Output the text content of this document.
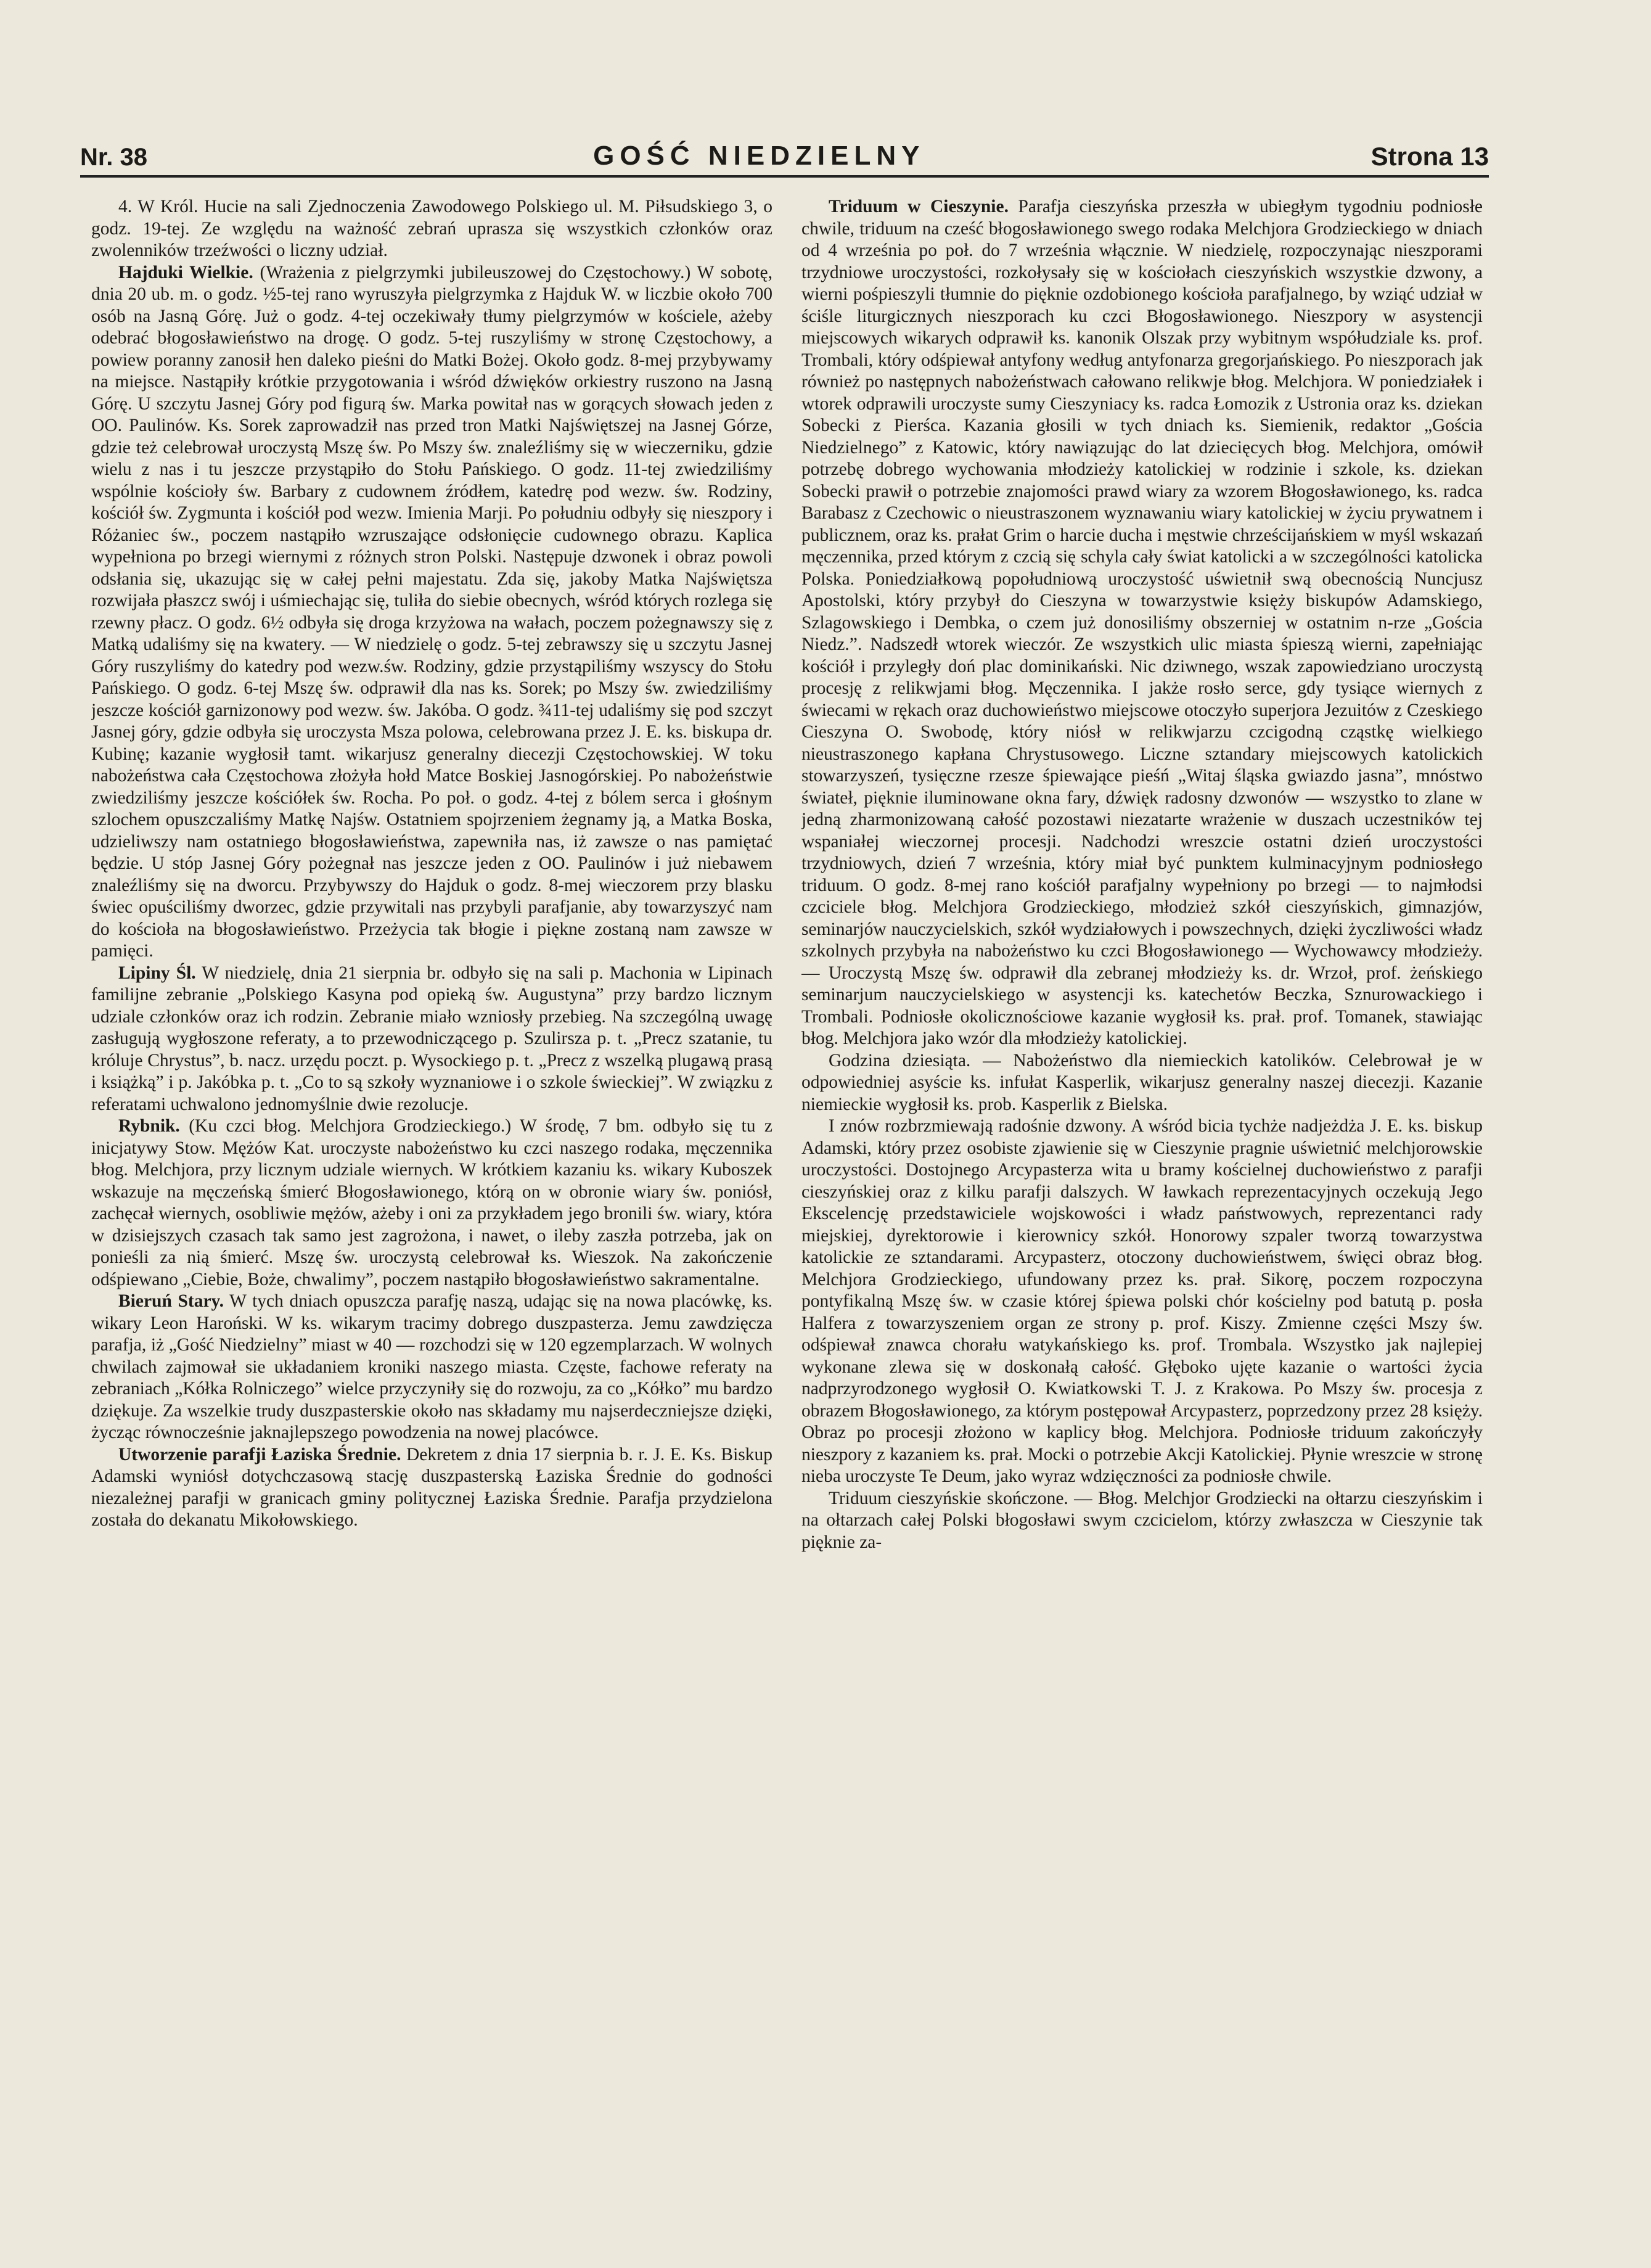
Nr. 38	GOŚĆ NIEDZIELNY	Strona 13

4. W Król. Hucie na sali Zjednoczenia Zawodowego Polskiego ul. M. Piłsudskiego 3, o godz. 19-tej. Ze względu na ważność zebrań uprasza się wszystkich członków oraz zwolenników trzeźwości o liczny udział.

Hajduki Wielkie. (Wrażenia z pielgrzymki jubileuszowej do Częstochowy.) W sobotę, dnia 20 ub. m. o godz. ½5-tej rano wyruszyła pielgrzymka z Hajduk W. w liczbie około 700 osób na Jasną Górę. Już o godz. 4-tej oczekiwały tłumy pielgrzymów w kościele, ażeby odebrać błogosławieństwo na drogę. O godz. 5-tej ruszyliśmy w stronę Częstochowy, a powiew poranny zanosił hen daleko pieśni do Matki Bożej. Około godz. 8-mej przybywamy na miejsce. Nastąpiły krótkie przygotowania i wśród dźwięków orkiestry ruszono na Jasną Górę. U szczytu Jasnej Góry pod figurą św. Marka powitał nas w gorących słowach jeden z OO. Paulinów. Ks. Sorek zaprowadził nas przed tron Matki Najświętszej na Jasnej Górze, gdzie też celebrował uroczystą Mszę św. Po Mszy św. znaleźliśmy się w wieczerniku, gdzie wielu z nas i tu jeszcze przystąpiło do Stołu Pańskiego. O godz. 11-tej zwiedziliśmy wspólnie kościoły św. Barbary z cudownem źródłem, katedrę pod wezw. św. Rodziny, kościół św. Zygmunta i kościół pod wezw. Imienia Marji. Po południu odbyły się nieszpory i Różaniec św., poczem nastąpiło wzruszające odsłonięcie cudownego obrazu. Kaplica wypełniona po brzegi wiernymi z różnych stron Polski. Następuje dzwonek i obraz powoli odsłania się, ukazując się w całej pełni majestatu. Zda się, jakoby Matka Najświętsza rozwijała płaszcz swój i uśmiechając się, tuliła do siebie obecnych, wśród których rozlega się rzewny płacz. O godz. 6½ odbyła się droga krzyżowa na wałach, poczem pożegnawszy się z Matką udaliśmy się na kwatery. — W niedzielę o godz. 5-tej zebrawszy się u szczytu Jasnej Góry ruszyliśmy do katedry pod wezw.św. Rodziny, gdzie przystąpiliśmy wszyscy do Stołu Pańskiego. O godz. 6-tej Mszę św. odprawił dla nas ks. Sorek; po Mszy św. zwiedziliśmy jeszcze kościół garnizonowy pod wezw. św. Jakóba. O godz. ¾11-tej udaliśmy się pod szczyt Jasnej góry, gdzie odbyła się uroczysta Msza polowa, celebrowana przez J. E. ks. biskupa dr. Kubinę; kazanie wygłosił tamt. wikarjusz generalny diecezji Częstochowskiej. W toku nabożeństwa cała Częstochowa złożyła hołd Matce Boskiej Jasnogórskiej. Po nabożeństwie zwiedziliśmy jeszcze kościółek św. Rocha. Po poł. o godz. 4-tej z bólem serca i głośnym szlochem opuszczaliśmy Matkę Najśw. Ostatniem spojrzeniem żegnamy ją, a Matka Boska, udzieliwszy nam ostatniego błogosławieństwa, zapewniła nas, iż zawsze o nas pamiętać będzie. U stóp Jasnej Góry pożegnał nas jeszcze jeden z OO. Paulinów i już niebawem znaleźliśmy się na dworcu. Przybywszy do Hajduk o godz. 8-mej wieczorem przy blasku świec opuściliśmy dworzec, gdzie przywitali nas przybyli parafjanie, aby towarzyszyć nam do kościoła na błogosławieństwo. Przeżycia tak błogie i piękne zostaną nam zawsze w pamięci.

Lipiny Śl. W niedzielę, dnia 21 sierpnia br. odbyło się na sali p. Machonia w Lipinach familijne zebranie „Polskiego Kasyna pod opieką św. Augustyna” przy bardzo licznym udziale członków oraz ich rodzin. Zebranie miało wzniosły przebieg. Na szczególną uwagę zasługują wygłoszone referaty, a to przewodniczącego p. Szulirsza p. t. „Precz szatanie, tu króluje Chrystus”, b. nacz. urzędu poczt. p. Wysockiego p. t. „Precz z wszelką plugawą prasą i książką” i p. Jakóbka p. t. „Co to są szkoły wyznaniowe i o szkole świeckiej”. W związku z referatami uchwalono jednomyślnie dwie rezolucje.

Rybnik. (Ku czci błog. Melchjora Grodzieckiego.) W środę, 7 bm. odbyło się tu z inicjatywy Stow. Mężów Kat. uroczyste nabożeństwo ku czci naszego rodaka, męczennika błog. Melchjora, przy licznym udziale wiernych. W krótkiem kazaniu ks. wikary Kuboszek wskazuje na męczeńską śmierć Błogosławionego, którą on w obronie wiary św. poniósł, zachęcał wiernych, osobliwie mężów, ażeby i oni za przykładem jego bronili św. wiary, która w dzisiejszych czasach tak samo jest zagrożona, i nawet, o ileby zaszła potrzeba, jak on ponieśli za nią śmierć. Mszę św. uroczystą celebrował ks. Wieszok. Na zakończenie odśpiewano „Ciebie, Boże, chwalimy”, poczem nastąpiło błogosławieństwo sakramentalne.

Bieruń Stary. W tych dniach opuszcza parafję naszą, udając się na nowa placówkę, ks. wikary Leon Haroński. W ks. wikarym tracimy dobrego duszpasterza. Jemu zawdzięcza parafja, iż „Gość Niedzielny” miast w 40 — rozchodzi się w 120 egzemplarzach. W wolnych chwilach zajmował sie układaniem kroniki naszego miasta. Częste, fachowe referaty na zebraniach „Kółka Rolniczego” wielce przyczyniły się do rozwoju, za co „Kółko” mu bardzo dziękuje. Za wszelkie trudy duszpasterskie około nas składamy mu najserdeczniejsze dzięki, życząc równocześnie jaknajlepszego powodzenia na nowej placówce.

Utworzenie parafji Łaziska Średnie. Dekretem z dnia 17 sierpnia b. r. J. E. Ks. Biskup Adamski wyniósł dotychczasową stację duszpasterską Łaziska Średnie do godności niezależnej parafji w granicach gminy politycznej Łaziska Średnie. Parafja przydzielona została do dekanatu Mikołowskiego.

Triduum w Cieszynie. Parafja cieszyńska przeszła w ubiegłym tygodniu podniosłe chwile, triduum na cześć błogosławionego swego rodaka Melchjora Grodzieckiego w dniach od 4 września po poł. do 7 września włącznie. W niedzielę, rozpoczynając nieszporami trzydniowe uroczystości, rozkołysały się w kościołach cieszyńskich wszystkie dzwony, a wierni pośpieszyli tłumnie do pięknie ozdobionego kościoła parafjalnego, by wziąć udział w ściśle liturgicznych nieszporach ku czci Błogosławionego. Nieszpory w asystencji miejscowych wikarych odprawił ks. kanonik Olszak przy wybitnym współudziale ks. prof. Trombali, który odśpiewał antyfony według antyfonarza gregorjańskiego. Po nieszporach jak również po następnych nabożeństwach całowano relikwje błog. Melchjora. W poniedziałek i wtorek odprawili uroczyste sumy Cieszyniacy ks. radca Łomozik z Ustronia oraz ks. dziekan Sobecki z Pierśca. Kazania głosili w tych dniach ks. Siemienik, redaktor „Gościa Niedzielnego” z Katowic, który nawiązując do lat dziecięcych błog. Melchjora, omówił potrzebę dobrego wychowania młodzieży katolickiej w rodzinie i szkole, ks. dziekan Sobecki prawił o potrzebie znajomości prawd wiary za wzorem Błogosławionego, ks. radca Barabasz z Czechowic o nieustraszonem wyznawaniu wiary katolickiej w życiu prywatnem i publicznem, oraz ks. prałat Grim o harcie ducha i męstwie chrześcijańskiem w myśl wskazań męczennika, przed którym z czcią się schyla cały świat katolicki a w szczególności katolicka Polska. Poniedziałkową popołudniową uroczystość uświetnił swą obecnością Nuncjusz Apostolski, który przybył do Cieszyna w towarzystwie księży biskupów Adamskiego, Szlagowskiego i Dembka, o czem już donosiliśmy obszerniej w ostatnim n-rze „Gościa Niedz.”. Nadszedł wtorek wieczór. Ze wszystkich ulic miasta śpieszą wierni, zapełniając kościół i przyległy doń plac dominikański. Nic dziwnego, wszak zapowiedziano uroczystą procesję z relikwjami błog. Męczennika. I jakże rosło serce, gdy tysiące wiernych z świecami w rękach oraz duchowieństwo miejscowe otoczyło superjora Jezuitów z Czeskiego Cieszyna O. Swobodę, który niósł w relikwjarzu czcigodną cząstkę wielkiego nieustraszonego kapłana Chrystusowego. Liczne sztandary miejscowych katolickich stowarzyszeń, tysięczne rzesze śpiewające pieśń „Witaj śląska gwiazdo jasna”, mnóstwo świateł, pięknie iluminowane okna fary, dźwięk radosny dzwonów — wszystko to zlane w jedną zharmonizowaną całość pozostawi niezatarte wrażenie w duszach uczestników tej wspaniałej wieczornej procesji. Nadchodzi wreszcie ostatni dzień uroczystości trzydniowych, dzień 7 września, który miał być punktem kulminacyjnym podniosłego triduum. O godz. 8-mej rano kościół parafjalny wypełniony po brzegi — to najmłodsi czciciele błog. Melchjora Grodzieckiego, młodzież szkół cieszyńskich, gimnazjów, seminarjów nauczycielskich, szkół wydziałowych i powszechnych, dzięki życzliwości władz szkolnych przybyła na nabożeństwo ku czci Błogosławionego — Wychowawcy młodzieży. — Uroczystą Mszę św. odprawił dla zebranej młodzieży ks. dr. Wrzoł, prof. żeńskiego seminarjum nauczycielskiego w asystencji ks. katechetów Beczka, Sznurowackiego i Trombali. Podniosłe okolicznościowe kazanie wygłosił ks. prał. prof. Tomanek, stawiając błog. Melchjora jako wzór dla młodzieży katolickiej.

Godzina dziesiąta. — Nabożeństwo dla niemieckich katolików. Celebrował je w odpowiedniej asyście ks. infułat Kasperlik, wikarjusz generalny naszej diecezji. Kazanie niemieckie wygłosił ks. prob. Kasperlik z Bielska.

I znów rozbrzmiewają radośnie dzwony. A wśród bicia tychże nadjeżdża J. E. ks. biskup Adamski, który przez osobiste zjawienie się w Cieszynie pragnie uświetnić melchjorowskie uroczystości. Dostojnego Arcypasterza wita u bramy kościelnej duchowieństwo z parafji cieszyńskiej oraz z kilku parafji dalszych. W ławkach reprezentacyjnych oczekują Jego Ekscelencję przedstawiciele wojskowości i władz państwowych, reprezentanci rady miejskiej, dyrektorowie i kierownicy szkół. Honorowy szpaler tworzą towarzystwa katolickie ze sztandarami. Arcypasterz, otoczony duchowieństwem, święci obraz błog. Melchjora Grodzieckiego, ufundowany przez ks. prał. Sikorę, poczem rozpoczyna pontyfikalną Mszę św. w czasie której śpiewa polski chór kościelny pod batutą p. posła Halfera z towarzyszeniem organ ze strony p. prof. Kiszy. Zmienne części Mszy św. odśpiewał znawca chorału watykańskiego ks. prof. Trombala. Wszystko jak najlepiej wykonane zlewa się w doskonałą całość. Głęboko ujęte kazanie o wartości życia nadprzyrodzonego wygłosił O. Kwiatkowski T. J. z Krakowa. Po Mszy św. procesja z obrazem Błogosławionego, za którym postępował Arcypasterz, poprzedzony przez 28 księży. Obraz po procesji złożono w kaplicy błog. Melchjora. Podniosłe triduum zakończyły nieszpory z kazaniem ks. prał. Mocki o potrzebie Akcji Katolickiej. Płynie wreszcie w stronę nieba uroczyste Te Deum, jako wyraz wdzięczności za podniosłe chwile.

Triduum cieszyńskie skończone. — Błog. Melchjor Grodziecki na ołtarzu cieszyńskim i na ołtarzach całej Polski błogosławi swym czcicielom, którzy zwłaszcza w Cieszynie tak pięknie za-
